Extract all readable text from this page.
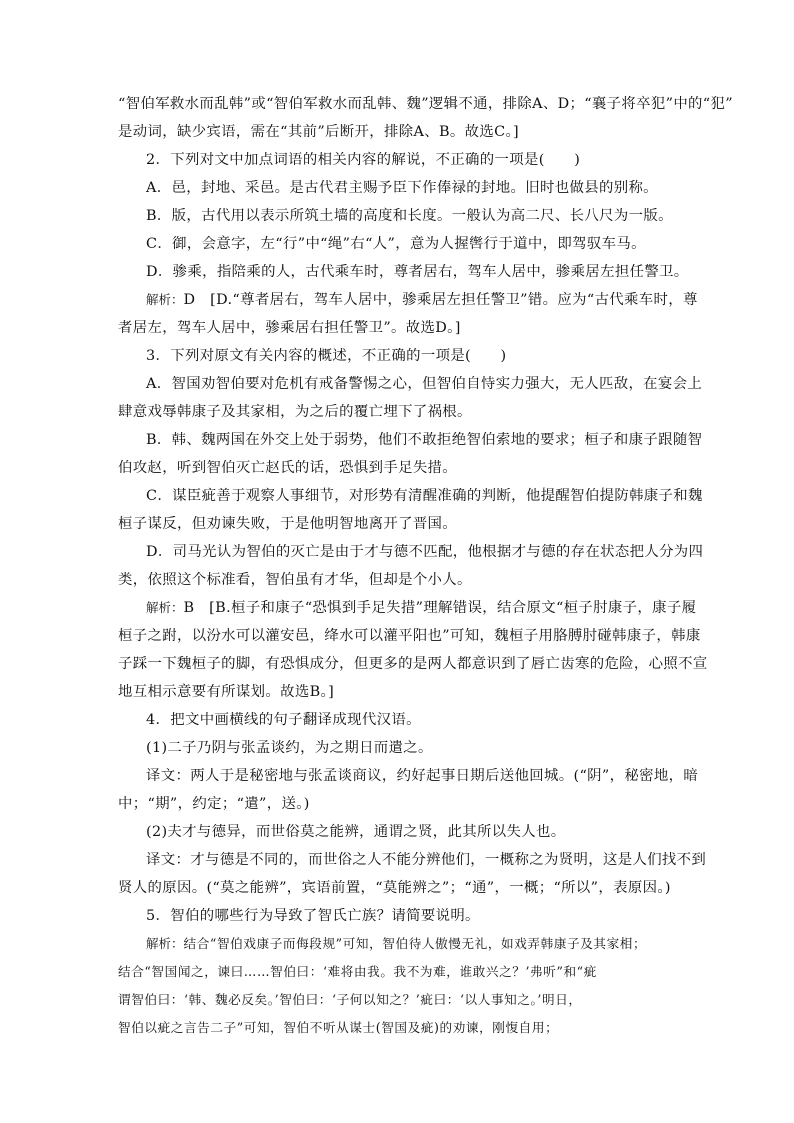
“智伯军救水而乱韩”或“智伯军救水而乱韩、魏”逻辑不通，排除A、D；“襄子将卒犯”中的“犯”
是动词，缺少宾语，需在“其前”后断开，排除A、B。故选C。]
2．下列对文中加点词语的相关内容的解说，不正确的一项是(　　)
A．邑，封地、采邑。是古代君主赐予臣下作俸禄的封地。旧时也做县的别称。
B．版，古代用以表示所筑土墙的高度和长度。一般认为高二尺、长八尺为一版。
C．御，会意字，左“行”中“绳”右“人”，意为人握辔行于道中，即驾驭车马。
D．骖乘，指陪乘的人，古代乘车时，尊者居右，驾车人居中，骖乘居左担任警卫。
解析：D　[D.“尊者居右，驾车人居中，骖乘居左担任警卫”错。应为“古代乘车时，尊
者居左，驾车人居中，骖乘居右担任警卫”。故选D。]
3．下列对原文有关内容的概述，不正确的一项是(　　)
A．智国劝智伯要对危机有戒备警惕之心，但智伯自恃实力强大，无人匹敌，在宴会上
肆意戏辱韩康子及其家相，为之后的覆亡埋下了祸根。
B．韩、魏两国在外交上处于弱势，他们不敢拒绝智伯索地的要求；桓子和康子跟随智
伯攻赵，听到智伯灭亡赵氏的话，恐惧到手足失措。
C．谋臣疵善于观察人事细节，对形势有清醒准确的判断，他提醒智伯提防韩康子和魏
桓子谋反，但劝谏失败，于是他明智地离开了晋国。
D．司马光认为智伯的灭亡是由于才与德不匹配，他根据才与德的存在状态把人分为四
类，依照这个标准看，智伯虽有才华，但却是个小人。
解析：B　[B.桓子和康子“恐惧到手足失措”理解错误，结合原文“桓子肘康子，康子履
桓子之跗，以汾水可以灌安邑，绛水可以灌平阳也”可知，魏桓子用胳膊肘碰韩康子，韩康
子踩一下魏桓子的脚，有恐惧成分，但更多的是两人都意识到了唇亡齿寒的危险，心照不宣
地互相示意要有所谋划。故选B。]
4．把文中画横线的句子翻译成现代汉语。
(1)二子乃阴与张孟谈约，为之期日而遣之。
译文：两人于是秘密地与张孟谈商议，约好起事日期后送他回城。(“阴”，秘密地，暗
中；“期”，约定；“遣”，送。)
(2)夫才与德异，而世俗莫之能辨，通谓之贤，此其所以失人也。
译文：才与德是不同的，而世俗之人不能分辨他们，一概称之为贤明，这是人们找不到
贤人的原因。(“莫之能辨”，宾语前置，“莫能辨之”；“通”，一概；“所以”，表原因。)
5．智伯的哪些行为导致了智氏亡族？请简要说明。
解析：结合“智伯戏康子而侮段规”可知，智伯待人傲慢无礼，如戏弄韩康子及其家相；
结合“智国闻之，谏曰……智伯曰：‘难将由我。我不为难，谁敢兴之？’弗听”和“疵
谓智伯曰：‘韩、魏必反矣。’智伯曰：‘子何以知之？’疵曰：‘以人事知之。’明日，
智伯以疵之言告二子”可知，智伯不听从谋士(智国及疵)的劝谏，刚愎自用；
